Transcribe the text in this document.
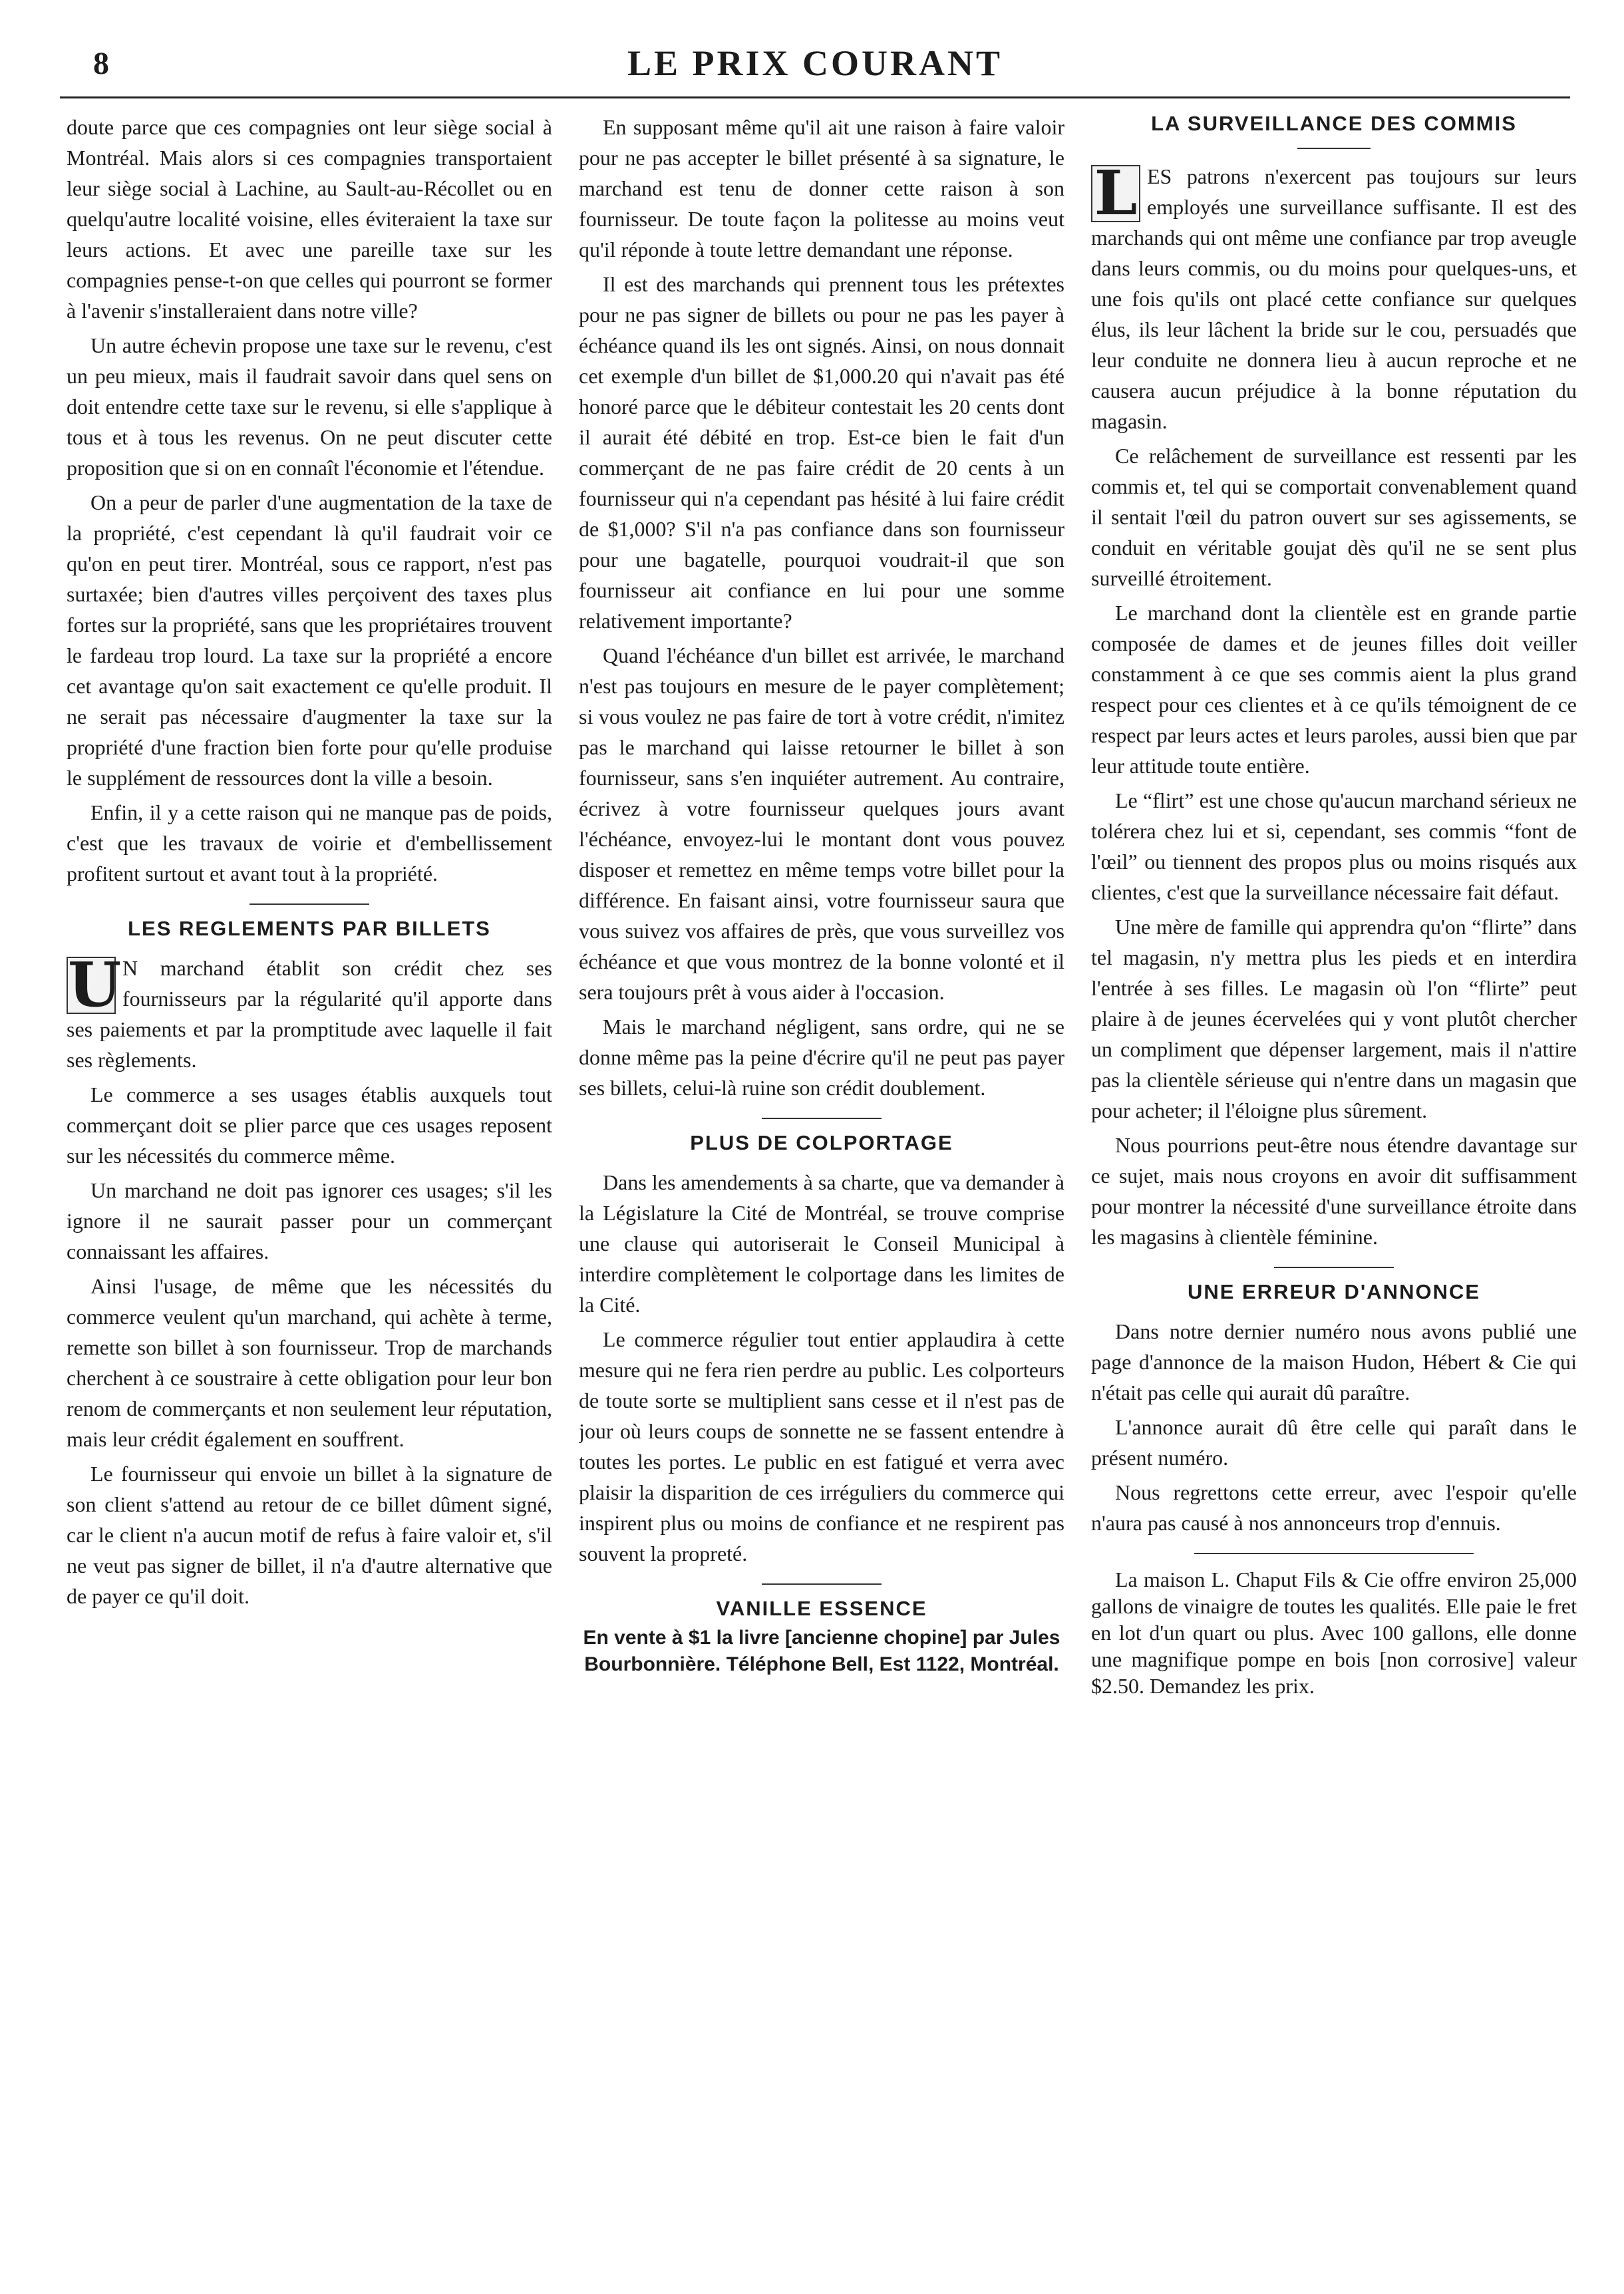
8	LE PRIX COURANT

doute parce que ces compagnies ont leur siège social à Montréal. Mais alors si ces compagnies transportaient leur siège social à Lachine, au Sault-au-Récollet ou en quelqu'autre localité voisine, elles éviteraient la taxe sur leurs actions. Et avec une pareille taxe sur les compagnies pense-t-on que celles qui pourront se former à l'avenir s'installeraient dans notre ville?

Un autre échevin propose une taxe sur le revenu, c'est un peu mieux, mais il faudrait savoir dans quel sens on doit entendre cette taxe sur le revenu, si elle s'applique à tous et à tous les revenus. On ne peut discuter cette proposition que si on en connaît l'économie et l'étendue.

On a peur de parler d'une augmentation de la taxe de la propriété, c'est cependant là qu'il faudrait voir ce qu'on en peut tirer. Montréal, sous ce rapport, n'est pas surtaxée; bien d'autres villes perçoivent des taxes plus fortes sur la propriété, sans que les propriétaires trouvent le fardeau trop lourd. La taxe sur la propriété a encore cet avantage qu'on sait exactement ce qu'elle produit. Il ne serait pas nécessaire d'augmenter la taxe sur la propriété d'une fraction bien forte pour qu'elle produise le supplément de ressources dont la ville a besoin.

Enfin, il y a cette raison qui ne manque pas de poids, c'est que les travaux de voirie et d'embellissement profitent surtout et avant tout à la propriété.

LES REGLEMENTS PAR BILLETS

U N marchand établit son crédit chez ses fournisseurs par la régularité qu'il apporte dans ses paiements et par la promptitude avec laquelle il fait ses règlements.

Le commerce a ses usages établis auxquels tout commerçant doit se plier parce que ces usages reposent sur les nécessités du commerce même.

Un marchand ne doit pas ignorer ces usages; s'il les ignore il ne saurait passer pour un commerçant connaissant les affaires.

Ainsi l'usage, de même que les nécessités du commerce veulent qu'un marchand, qui achète à terme, remette son billet à son fournisseur. Trop de marchands cherchent à ce soustraire à cette obligation pour leur bon renom de commerçants et non seulement leur réputation, mais leur crédit également en souffrent.

Le fournisseur qui envoie un billet à la signature de son client s'attend au retour de ce billet dûment signé, car le client n'a aucun motif de refus à faire valoir et, s'il ne veut pas signer de billet, il n'a d'autre alternative que de payer ce qu'il doit.

En supposant même qu'il ait une raison à faire valoir pour ne pas accepter le billet présenté à sa signature, le marchand est tenu de donner cette raison à son fournisseur. De toute façon la politesse au moins veut qu'il réponde à toute lettre demandant une réponse.

Il est des marchands qui prennent tous les prétextes pour ne pas signer de billets ou pour ne pas les payer à échéance quand ils les ont signés. Ainsi, on nous donnait cet exemple d'un billet de $1,000.20 qui n'avait pas été honoré parce que le débiteur contestait les 20 cents dont il aurait été débité en trop. Est-ce bien le fait d'un commerçant de ne pas faire crédit de 20 cents à un fournisseur qui n'a cependant pas hésité à lui faire crédit de $1,000? S'il n'a pas confiance dans son fournisseur pour une bagatelle, pourquoi voudrait-il que son fournisseur ait confiance en lui pour une somme relativement importante?

Quand l'échéance d'un billet est arrivée, le marchand n'est pas toujours en mesure de le payer complètement; si vous voulez ne pas faire de tort à votre crédit, n'imitez pas le marchand qui laisse retourner le billet à son fournisseur, sans s'en inquiéter autrement. Au contraire, écrivez à votre fournisseur quelques jours avant l'échéance, envoyez-lui le montant dont vous pouvez disposer et remettez en même temps votre billet pour la différence. En faisant ainsi, votre fournisseur saura que vous suivez vos affaires de près, que vous surveillez vos échéance et que vous montrez de la bonne volonté et il sera toujours prêt à vous aider à l'occasion.

Mais le marchand négligent, sans ordre, qui ne se donne même pas la peine d'écrire qu'il ne peut pas payer ses billets, celui-là ruine son crédit doublement.

PLUS DE COLPORTAGE

Dans les amendements à sa charte, que va demander à la Législature la Cité de Montréal, se trouve comprise une clause qui autoriserait le Conseil Municipal à interdire complètement le colportage dans les limites de la Cité.

Le commerce régulier tout entier applaudira à cette mesure qui ne fera rien perdre au public. Les colporteurs de toute sorte se multiplient sans cesse et il n'est pas de jour où leurs coups de sonnette ne se fassent entendre à toutes les portes. Le public en est fatigué et verra avec plaisir la disparition de ces irréguliers du commerce qui inspirent plus ou moins de confiance et ne respirent pas souvent la propreté.

VANILLE ESSENCE

En vente à $1 la livre [ancienne chopine] par Jules Bourbonnière. Téléphone Bell, Est 1122, Montréal.

LA SURVEILLANCE DES COMMIS

L ES patrons n'exercent pas toujours sur leurs employés une surveillance suffisante. Il est des marchands qui ont même une confiance par trop aveugle dans leurs commis, ou du moins pour quelques-uns, et une fois qu'ils ont placé cette confiance sur quelques élus, ils leur lâchent la bride sur le cou, persuadés que leur conduite ne donnera lieu à aucun reproche et ne causera aucun préjudice à la bonne réputation du magasin.

Ce relâchement de surveillance est ressenti par les commis et, tel qui se comportait convenablement quand il sentait l'œil du patron ouvert sur ses agissements, se conduit en véritable goujat dès qu'il ne se sent plus surveillé étroitement.

Le marchand dont la clientèle est en grande partie composée de dames et de jeunes filles doit veiller constamment à ce que ses commis aient la plus grand respect pour ces clientes et à ce qu'ils témoignent de ce respect par leurs actes et leurs paroles, aussi bien que par leur attitude toute entière.

Le “flirt” est une chose qu'aucun marchand sérieux ne tolérera chez lui et si, cependant, ses commis “font de l'œil” ou tiennent des propos plus ou moins risqués aux clientes, c'est que la surveillance nécessaire fait défaut.

Une mère de famille qui apprendra qu'on “flirte” dans tel magasin, n'y mettra plus les pieds et en interdira l'entrée à ses filles. Le magasin où l'on “flirte” peut plaire à de jeunes écervelées qui y vont plutôt chercher un compliment que dépenser largement, mais il n'attire pas la clientèle sérieuse qui n'entre dans un magasin que pour acheter; il l'éloigne plus sûrement.

Nous pourrions peut-être nous étendre davantage sur ce sujet, mais nous croyons en avoir dit suffisamment pour montrer la nécessité d'une surveillance étroite dans les magasins à clientèle féminine.

UNE ERREUR D'ANNONCE

Dans notre dernier numéro nous avons publié une page d'annonce de la maison Hudon, Hébert & Cie qui n'était pas celle qui aurait dû paraître.

L'annonce aurait dû être celle qui paraît dans le présent numéro.

Nous regrettons cette erreur, avec l'espoir qu'elle n'aura pas causé à nos annonceurs trop d'ennuis.

La maison L. Chaput Fils & Cie offre environ 25,000 gallons de vinaigre de toutes les qualités. Elle paie le fret en lot d'un quart ou plus. Avec 100 gallons, elle donne une magnifique pompe en bois [non corrosive] valeur $2.50. Demandez les prix.
